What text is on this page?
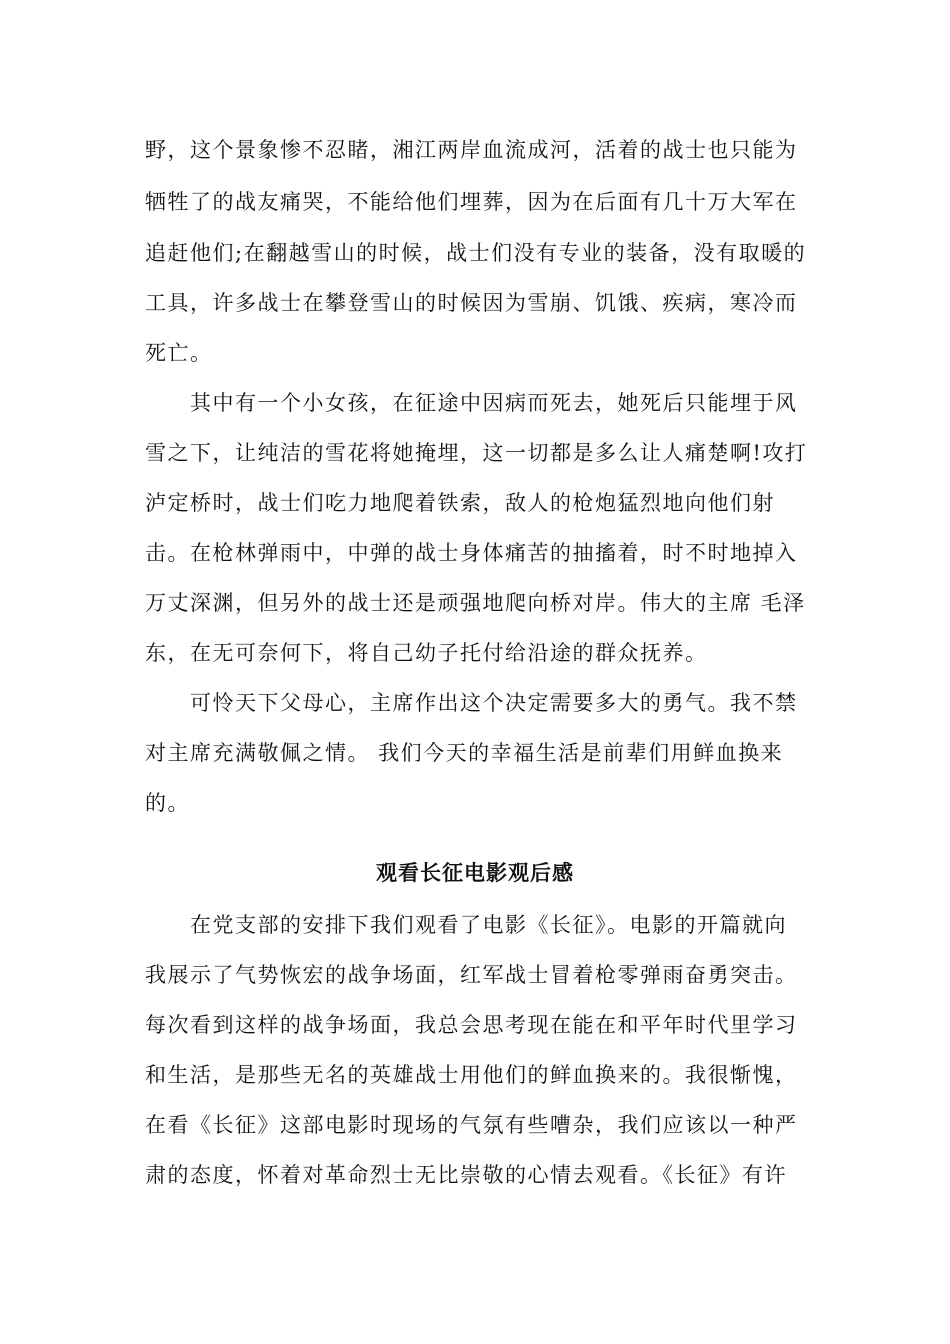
野，这个景象惨不忍睹，湘江两岸血流成河，活着的战士也只能为
牺牲了的战友痛哭，不能给他们埋葬，因为在后面有几十万大军在
追赶他们;在翻越雪山的时候，战士们没有专业的装备，没有取暖的
工具，许多战士在攀登雪山的时候因为雪崩、饥饿、疾病，寒冷而
死亡。
其中有一个小女孩，在征途中因病而死去，她死后只能埋于风
雪之下，让纯洁的雪花将她掩埋，这一切都是多么让人痛楚啊!攻打
泸定桥时，战士们吃力地爬着铁索，敌人的枪炮猛烈地向他们射
击。在枪林弹雨中，中弹的战士身体痛苦的抽搐着，时不时地掉入
万丈深渊，但另外的战士还是顽强地爬向桥对岸。伟大的主席 毛泽
东，在无可奈何下，将自己幼子托付给沿途的群众抚养。
可怜天下父母心，主席作出这个决定需要多大的勇气。我不禁
对主席充满敬佩之情。 我们今天的幸福生活是前辈们用鲜血换来
的。
观看长征电影观后感
在党支部的安排下我们观看了电影《长征》。电影的开篇就向
我展示了气势恢宏的战争场面，红军战士冒着枪零弹雨奋勇突击。
每次看到这样的战争场面，我总会思考现在能在和平年时代里学习
和生活，是那些无名的英雄战士用他们的鲜血换来的。我很惭愧，
在看《长征》这部电影时现场的气氛有些嘈杂，我们应该以一种严
肃的态度，怀着对革命烈士无比崇敬的心情去观看。《长征》有许
